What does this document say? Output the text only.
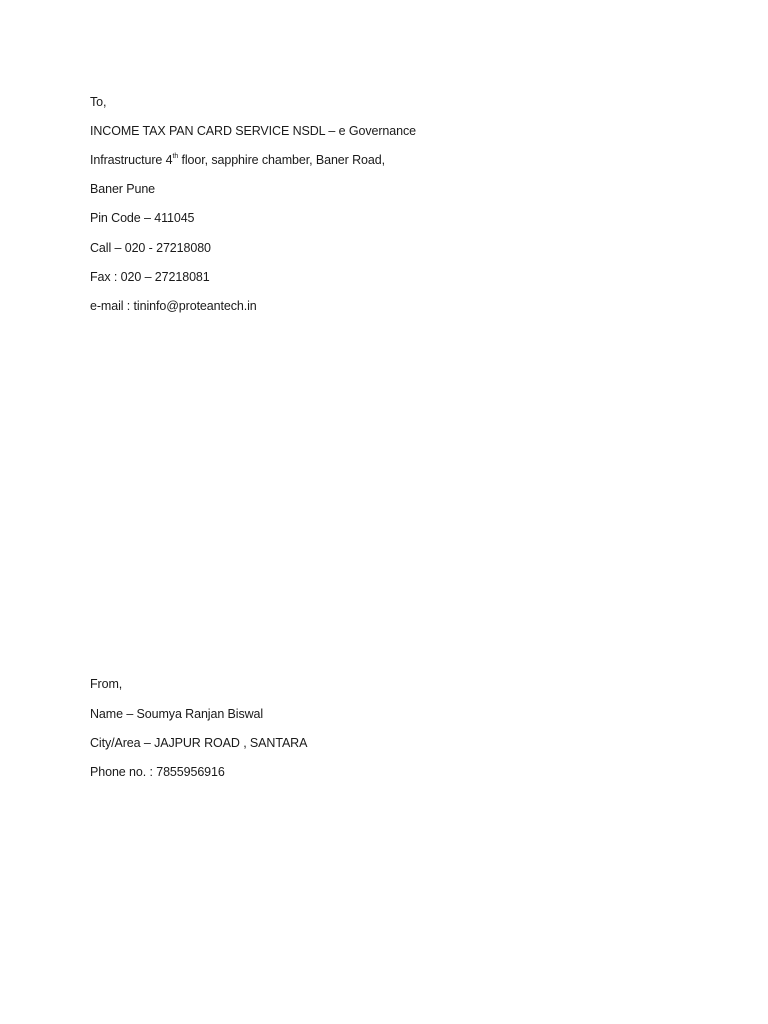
To,
INCOME TAX PAN CARD SERVICE NSDL – e Governance
Infrastructure 4th floor, sapphire chamber, Baner Road,
Baner Pune
Pin Code – 411045
Call – 020 - 27218080
Fax : 020 – 27218081
e-mail : tininfo@proteantech.in
From,
Name – Soumya Ranjan Biswal
City/Area – JAJPUR ROAD , SANTARA
Phone no. : 7855956916
